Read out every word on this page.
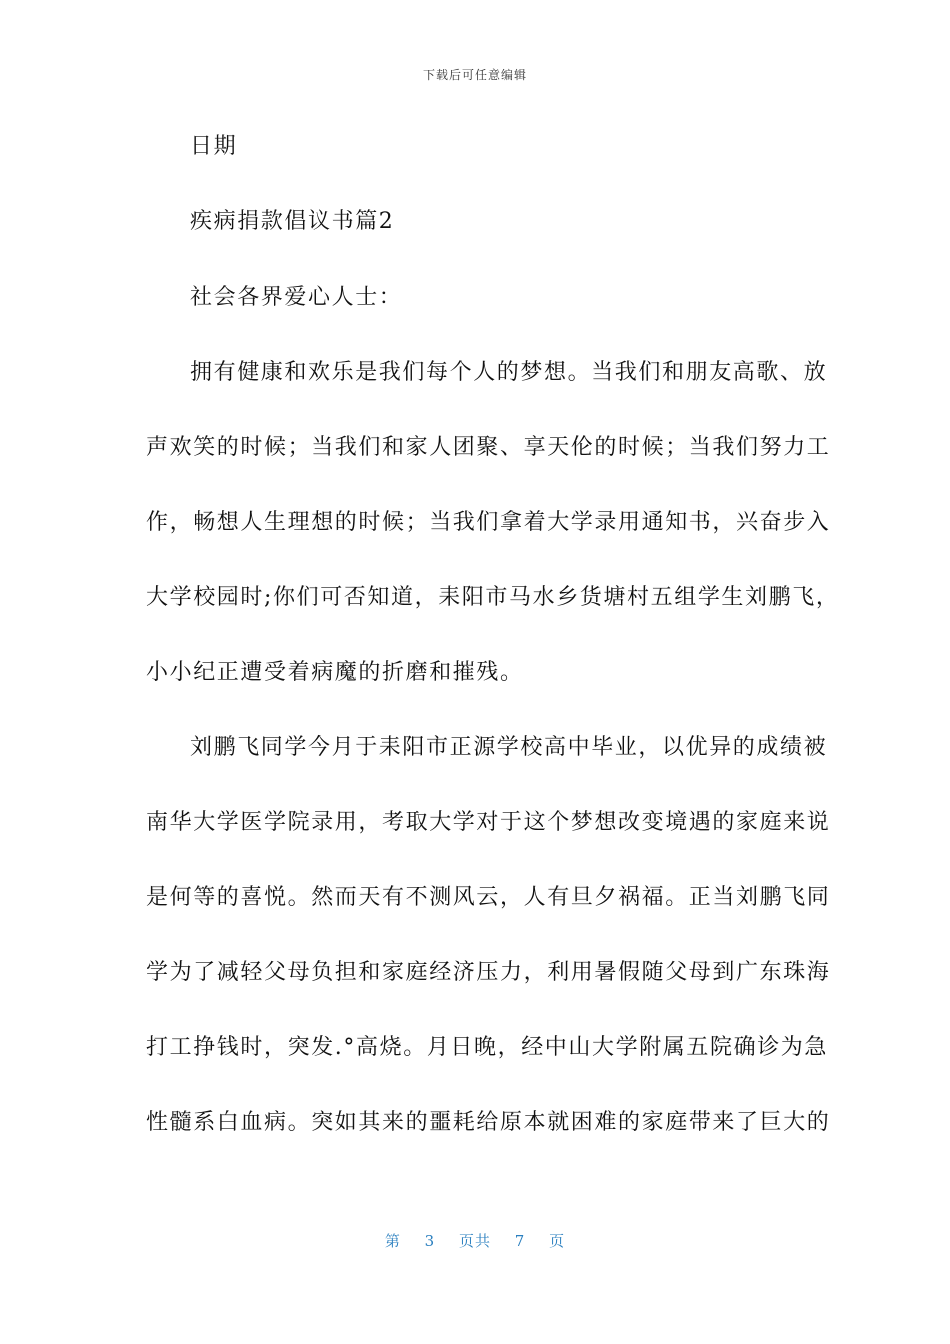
下载后可任意编辑
日期
疾病捐款倡议书篇2
社会各界爱心人士：
拥有健康和欢乐是我们每个人的梦想。当我们和朋友高歌、放
声欢笑的时候；当我们和家人团聚、享天伦的时候；当我们努力工
作，畅想人生理想的时候；当我们拿着大学录用通知书，兴奋步入
大学校园时;你们可否知道，耒阳市马水乡货塘村五组学生刘鹏飞，
小小纪正遭受着病魔的折磨和摧残。
刘鹏飞同学今月于耒阳市正源学校高中毕业，以优异的成绩被
南华大学医学院录用，考取大学对于这个梦想改变境遇的家庭来说
是何等的喜悦。然而天有不测风云，人有旦夕祸福。正当刘鹏飞同
学为了减轻父母负担和家庭经济压力，利用暑假随父母到广东珠海
打工挣钱时，突发.°高烧。月日晚，经中山大学附属五院确诊为急
性髓系白血病。突如其来的噩耗给原本就困难的家庭带来了巨大的
第 3 页共 7 页
